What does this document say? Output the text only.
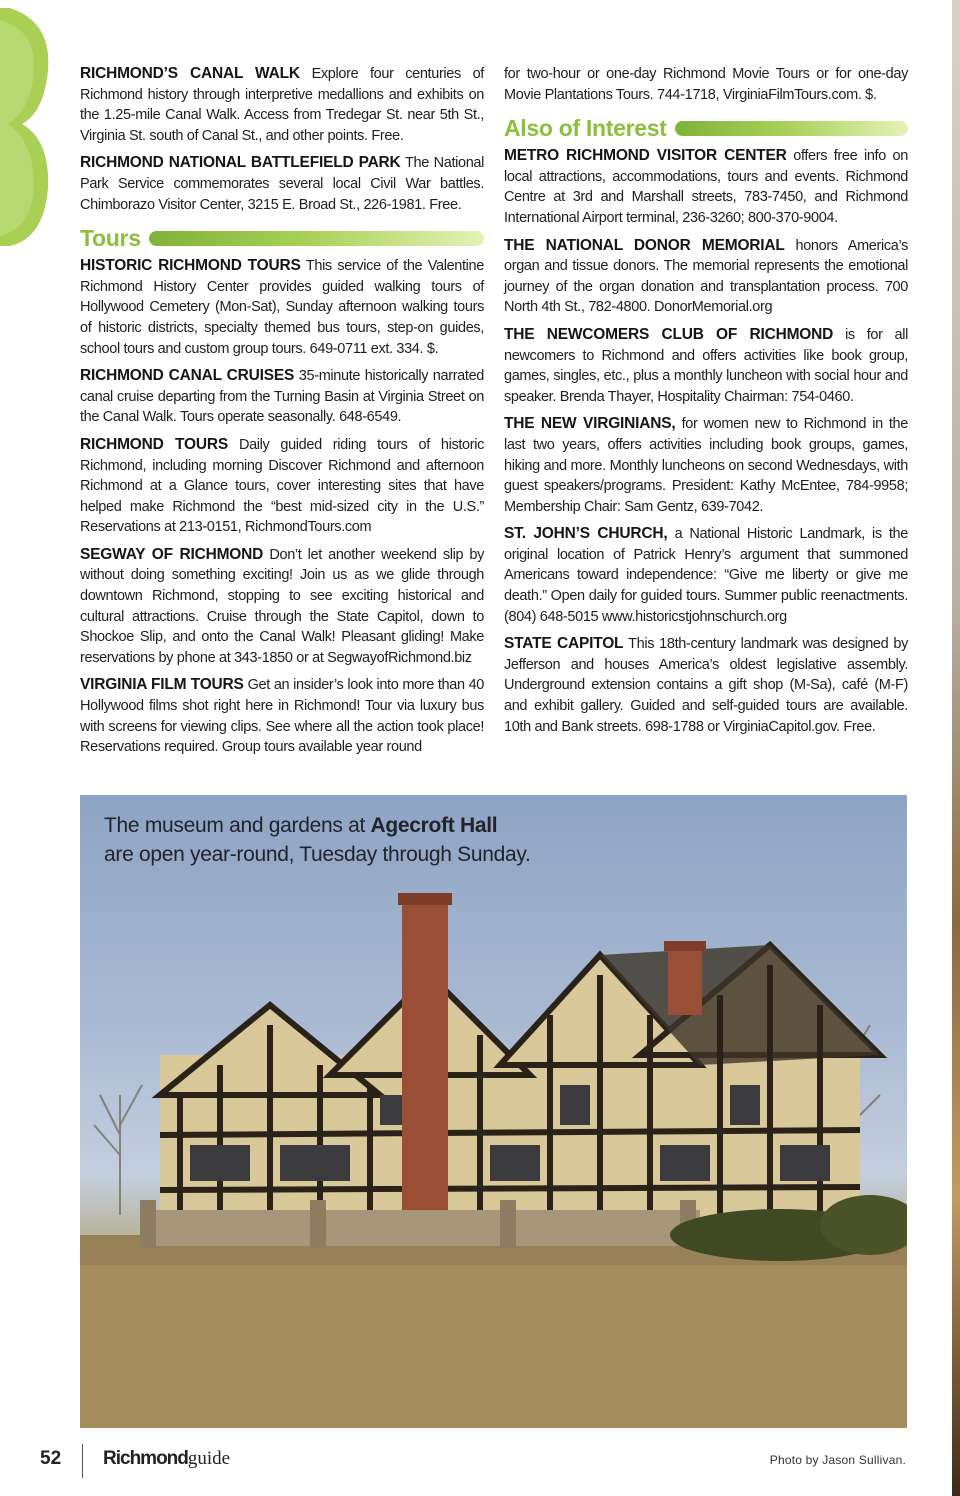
RICHMOND’S CANAL WALK Explore four centuries of Richmond history through interpretive medallions and exhibits on the 1.25-mile Canal Walk. Access from Tredegar St. near 5th St., Virginia St. south of Canal St., and other points. Free.

RICHMOND NATIONAL BATTLEFIELD PARK The National Park Service commemorates several local Civil War battles. Chimborazo Visitor Center, 3215 E. Broad St., 226-1981. Free.

Tours

HISTORIC RICHMOND TOURS This service of the Valentine Richmond History Center provides guided walking tours of Hollywood Cemetery (Mon-Sat), Sunday afternoon walking tours of historic districts, specialty themed bus tours, step-on guides, school tours and custom group tours. 649-0711 ext. 334. $.

RICHMOND CANAL CRUISES 35-minute historically narrated canal cruise departing from the Turning Basin at Virginia Street on the Canal Walk. Tours operate seasonally. 648-6549.

RICHMOND TOURS Daily guided riding tours of historic Richmond, including morning Discover Richmond and afternoon Richmond at a Glance tours, cover interesting sites that have helped make Richmond the “best mid-sized city in the U.S.” Reservations at 213-0151, RichmondTours.com

SEGWAY OF RICHMOND Don’t let another weekend slip by without doing something exciting! Join us as we glide through downtown Richmond, stopping to see exciting historical and cultural attractions. Cruise through the State Capitol, down to Shockoe Slip, and onto the Canal Walk! Pleasant gliding! Make reservations by phone at 343-1850 or at SegwayofRichmond.biz

VIRGINIA FILM TOURS Get an insider’s look into more than 40 Hollywood films shot right here in Richmond! Tour via luxury bus with screens for viewing clips. See where all the action took place! Reservations required. Group tours available year round

for two-hour or one-day Richmond Movie Tours or for one-day Movie Plantations Tours. 744-1718, VirginiaFilmTours.com. $.

Also of Interest

METRO RICHMOND VISITOR CENTER offers free info on local attractions, accommodations, tours and events. Richmond Centre at 3rd and Marshall streets, 783-7450, and Richmond International Airport terminal, 236-3260; 800-370-9004.

THE NATIONAL DONOR MEMORIAL honors America’s organ and tissue donors. The memorial represents the emotional journey of the organ donation and transplantation process. 700 North 4th St., 782-4800. DonorMemorial.org

THE NEWCOMERS CLUB OF RICHMOND is for all newcomers to Richmond and offers activities like book group, games, singles, etc., plus a monthly luncheon with social hour and speaker. Brenda Thayer, Hospitality Chairman: 754-0460.

THE NEW VIRGINIANS, for women new to Richmond in the last two years, offers activities including book groups, games, hiking and more. Monthly luncheons on second Wednesdays, with guest speakers/programs. President: Kathy McEntee, 784-9958; Membership Chair: Sam Gentz, 639-7042.

ST. JOHN’S CHURCH, a National Historic Landmark, is the original location of Patrick Henry’s argument that summoned Americans toward independence: “Give me liberty or give me death.” Open daily for guided tours. Summer public reenactments. (804) 648-5015 www.historicstjohnschurch.org

STATE CAPITOL This 18th-century landmark was designed by Jefferson and houses America’s oldest legislative assembly. Underground extension contains a gift shop (M-Sa), café (M-F) and exhibit gallery. Guided and self-guided tours are available. 10th and Bank streets. 698-1788 or VirginiaCapitol.gov. Free.

The museum and gardens at Agecroft Hall
are open year-round, Tuesday through Sunday.
52 Richmondguide	Photo by Jason Sullivan.
